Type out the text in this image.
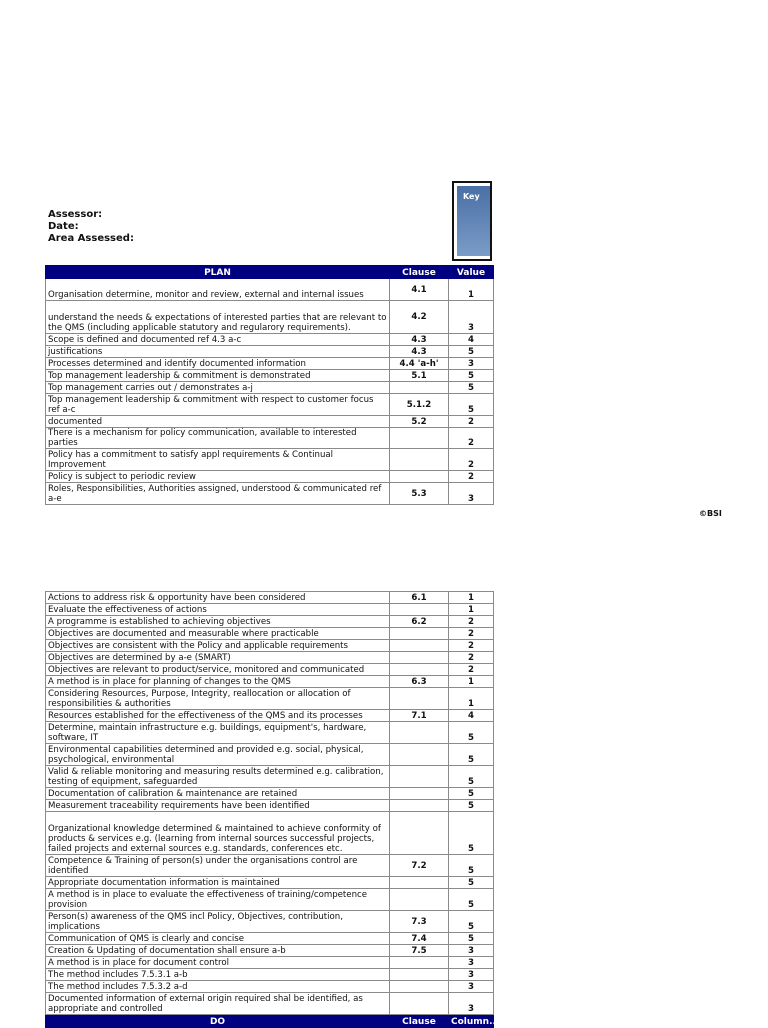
Assessor:
Date:
Area Assessed:
Key
©BSI
PLAN	Clause	Value
Organisation determine, monitor and review, external and internal issues	4.1	1
understand the needs & expectations of interested parties that are relevant to the QMS (including applicable statutory and regularory requirements).	4.2	3
Scope is defined and documented ref 4.3 a-c	4.3	4
justifications	4.3	5
Processes determined and identify documented information	4.4 'a-h'	3
Top management leadership & commitment is demonstrated	5.1	5
Top management carries out / demonstrates a-j		5
Top management leadership & commitment with respect to customer focus ref a-c	5.1.2	5
documented	5.2	2
There is a mechanism for policy communication, available to interested parties		2
Policy has a commitment to satisfy appl requirements & Continual Improvement		2
Policy is subject to periodic review		2
Roles, Responsibilities, Authorities assigned, understood & communicated ref a-e	5.3	3
Actions to address risk & opportunity have been considered	6.1	1
Evaluate the effectiveness of actions		1
A programme is established to achieving objectives	6.2	2
Objectives are documented and measurable where practicable		2
Objectives are consistent with the Policy and applicable requirements		2
Objectives are determined by a-e (SMART)		2
Objectives are relevant to product/service, monitored and communicated		2
A method is in place for planning of changes to the QMS	6.3	1
Considering Resources, Purpose, Integrity, reallocation or allocation of responsibilities & authorities		1
Resources established for the effectiveness of the QMS and its processes	7.1	4
Determine, maintain infrastructure e.g. buildings, equipment's, hardware, software, IT		5
Environmental capabilities determined and provided e.g. social, physical, psychological, environmental		5
Valid & reliable monitoring and measuring results determined e.g. calibration, testing of equipment, safeguarded		5
Documentation of calibration & maintenance are retained		5
Measurement traceability requirements have been identified		5
Organizational knowledge determined & maintained to achieve conformity of products & services e.g. (learning from internal sources successful projects, failed projects and external sources e.g. standards, conferences etc.		5
Competence & Training of person(s) under the organisations control are identified	7.2	5
Appropriate documentation information is maintained		5
A method is in place to evaluate the effectiveness of training/competence provision		5
Person(s) awareness of the QMS incl Policy, Objectives, contribution, implications	7.3	5
Communication of QMS is clearly and concise	7.4	5
Creation & Updating of documentation shall ensure a-b	7.5	3
A method is in place for document control		3
The method includes 7.5.3.1 a-b		3
The method includes 7.5.3.2 a-d		3
Documented information of external origin required shal be identified, as appropriate and controlled		3
DO	Clause	Column...
